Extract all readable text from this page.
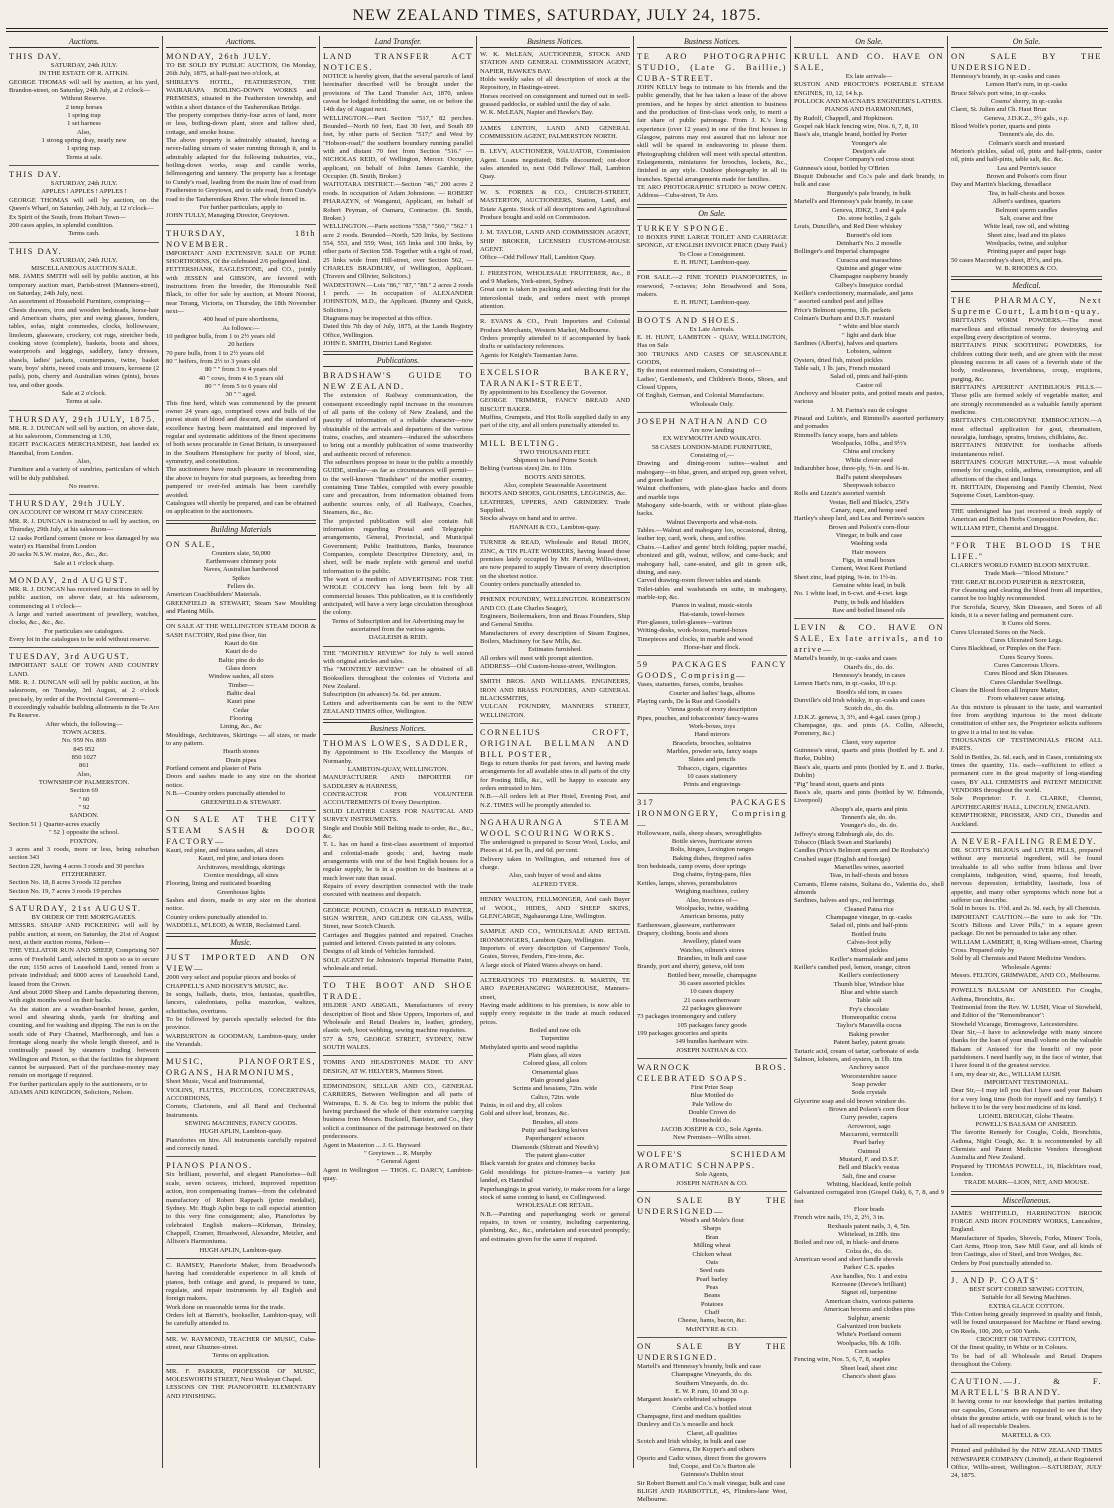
NEW ZEALAND TIMES, SATURDAY, JULY 24, 1875.
Auctions.

THIS DAY.

SATURDAY, 24th JULY.

IN THE ESTATE OF R. AITKIN.

GEORGE THOMAS will sell by auction, at his yard, Brandon-street, on Saturday, 24th July, at 2 o'clock—

Without Reserve.

2 temp horses

1 spring trap

1 set harness

Also,

1 strong spring dray, nearly new

1 spring trap.

Terms at sale.

THIS DAY.

SATURDAY, 24th JULY.

APPLES ! APPLES ! APPLES !

GEORGE THOMAS will sell by auction, on the Queen's Wharf, on Saturday, 24th July, at 12 o'clock—

Ex Spirit of the South, from Hobart Town—

200 cases apples, in splendid condition.

Terms cash.

THIS DAY.

SATURDAY, 24th JULY.

MISCELLANEOUS AUCTION SALE.

MR. JAMES SMITH will sell by public auction, at his temporary auction mart, Parish-street (Manners-street), on Saturday, 24th July, next.

An assortment of Household Furniture, comprising—

Chests drawers, iron and wooden bedsteads, horse-hair and American chairs, pier and swing glasses, fenders, tables, sofas, night commodes, clocks, hollowware, linoleum, glassware, crockery, cot rugs, stretcher beds, cooking stove (complete), baskets, boots and shoes, waterproofs and leggings, saddlery, fancy dresses, shawls, ladies' jackets, counterpanes, twine, basket ware, boys' shirts, tweed coats and trousers, kerosene (2 pails), pots, cherry and Australian wines (pints), boxes tea, and other goods.

Sale at 2 o'clock.

Terms at sale.

THURSDAY, 29th JULY, 1875.

MR. R. J. DUNCAN will sell by auction, on above date, at his salesroom, Commencing at 1.30,

EIGHT PACKAGES MERCHANDISE, Just landed ex Hannibal, from London.

Also,

Furniture and a variety of sundries, particulars of which will be duly published.

No reserve.

THURSDAY, 29th JULY.

ON ACCOUNT OF WHOM IT MAY CONCERN.

MR. R. J. DUNCAN is instructed to sell by auction, on Thursday, 29th July, at his salesroom—

12 casks Portland cement (more or less damaged by sea water) ex Hannibal from London

20 sacks N.S.W. maize, &c., &c., &c.

Sale at 1 o'clock sharp.

MONDAY, 2nd AUGUST.

MR. R. J. DUNCAN has received instructions to sell by public auction, on above date, at his salesroom, commencing at 1 o'clock—

A large and varied assortment of jewellery, watches, clocks, &c., &c., &c.

For particulars see catalogues.

Every lot in the catalogues to be sold without reserve.

TUESDAY, 3rd AUGUST.

IMPORTANT SALE OF TOWN AND COUNTRY LAND.

MR. R. J. DUNCAN will sell by public auction, at his salesroom, on Tuesday, 3rd August, at 2 o'clock precisely, by order of the Provincial Government—

8 exceedingly valuable building allotments in the Te Aro Pa Reserve.

After which, the following—

TOWN ACRES.

No. 959 No. 869

845 952

850 1027

861

Also,

TOWNSHIP OF PALMERSTON.

Section 69

" 60

" 92

SANDON.

Section 51 } Quarter-acres exactly

" 52 } opposite the school.

FOXTON.

3 acres and 3 roods, more or less, being suburban section 343

Section 229, having 4 acres 3 roods and 30 perches

FITZHERBERT.

Section No. 18, 8 acres 3 roods 32 perches

Section No. 19, 7 acres 3 roods 19 perches

SATURDAY, 21st AUGUST.

BY ORDER OF THE MORTGAGEES.

MESSRS. SHARP AND PICKERING will sell by public auction, at noon, on Saturday, the 21st of August next, at their auction rooms, Nelson—

THE VELLATOR RUN AND SHEEP, Comprising 507 acres of Freehold Land, selected in spots so as to secure the run; 1150 acres of Leasehold Land, rented from a private individual; and 6000 acres of Leasehold Land, leased from the Crown.

And about 2000 Sheep and Lambs depasturing thereon, with eight months wool on their backs.

As the station are a weather-boarded house, garden, wool and shearing sheds, yards for drafting and counting, and for washing and dipping. The run is on the south side of Pury Channel, Marlborough, and has a frontage along nearly the whole length thereof, and is continually passed by steamers trading between Wellington and Picton, so that the facilities for shipment cannot be surpassed. Part of the purchase-money may remain on mortgage if required.

For further particulars apply to the auctioneers, or to

ADAMS AND KINGDON, Solicitors, Nelson.

Auctions.

MONDAY, 26th JULY.

TO BE SOLD BY PUBLIC AUCTION, On Monday, 26th July, 1875, at half-past two o'clock, at

SHIRLEY'S HOTEL, FEATHERSTON, THE WAIRARAPA BOILING-DOWN WORKS and PREMISES, situated in the Featherston township, and within a short distance of the Tauherenikau Bridge.

The property comprises thirty-four acres of land, more or less, boiling-down plant, store and tallow shed, cottage, and smoke house.

The above property is admirably situated, having a never-failing stream of water running through it, and is admirably adapted for the following industries, viz., boiling-down works, soap and candle works, fellmongering and tannery. The property has a frontage to Cundy's road, leading from the main line of road from Featherston to Greytown, and to side road, from Cundy's road to the Tauherenikau River. The whole fenced in.

For further particulars, apply to

JOHN TULLY, Managing Director, Greytown.

THURSDAY, 18th NOVEMBER.

IMPORTANT AND EXTENSIVE SALE OF PURE SHORTHORNS, Of the celebrated 2/6 pedigreed kind.

FETTERSHANK, EAGLESTONE, and CO., jointly with JESSEN and GIBSON, are favored with instructions from the breeder, the Honourable Neil Black, to offer for sale by auction, at Mount Noorat, near Terang, Victoria, on Thursday, the 18th November next—

400 head of pure shorthorns,

As follows:—

10 pedigree bulls, from 1 to 2½ years old

20 heifers

70 pure bulls, from 1 to 2½ years old

80 " heifers, from 2½ to 3 years old

80 " " from 3 to 4 years old

40 " cows, from 4 to 5 years old

80 " " from 5 to 6 years old

30 " " aged.

This fine herd, which was commenced by the present owner 24 years ago, comprised cows and bulls of the purest strain of blood and descent, and the standard of excellence having been maintained and improved by regular and systematic additions of the finest specimens of both sexes procurable in Great Britain, is unsurpassed in the Southern Hemisphere for purity of blood, size, symmetry, and constitution.

The auctioneers have much pleasure in recommending the above to buyers for stud purposes, as breeding from pampered or over-fed animals has been carefully avoided.

Catalogues will shortly be prepared, and can be obtained on application to the auctioneers.

Building Materials

ON SALE,

Counters slate, 50,000

Earthenware chimney pots

Naves, Australian hardwood

Spikes

Fellers do.

American Coachbuilders' Materials.

GREENFIELD & STEWART, Steam Saw Moulding and Planing Mills.

ON SALE AT THE WELLINGTON STEAM DOOR & SASH FACTORY, Red pine floor, 6in

Kauri do 6in

Kauri do do

Baltic pine do do

Glass doors

Window sashes, all sizes

Timber—

Baltic deal

Kauri pine

Cedar

Flooring

Lining, &c., &c

Mouldings, Architraves, Skirtings — all sizes, or made to any pattern.

Hearth stones

Drain pipes

Portland cement and plaster of Paris

Doors and sashes made to any size on the shortest notice.

N.B.—Country orders punctually attended to

GREENFIELD & STEWART.

ON SALE AT THE CITY STEAM SASH & DOOR FACTORY—

Kauri, red pine, and totara sashes, all sizes

Kauri, red pine, and totara doors

Architraves, mouldings, skirtings

Cornice mouldings, all sizes

Flooring, lining and rusticated boarding

Greenhouse lights

Sashes and doors, made to any size on the shortest notice.

Country orders punctually attended to.

WADDELL, M'LEOD, & WEIR, Reclaimed Land.

Music.

JUST IMPORTED AND ON VIEW—

2000 very select and popular pieces and books of

CHAPPELL'S AND BOOSEY'S MUSIC, &c.

In songs, ballads, duets, trios, fantasias, quadrilles, lancers, caledonians, polka mazurkas, waltzes, schottisches, overtures.

To be followed by parcels specially selected for this province.

WARBURTON & GOODMAN, Lambton-quay, under the Verandah.

MUSIC, PIANOFORTES, ORGANS, HARMONIUMS,

Sheet Music, Vocal and Instrumental,

VIOLINS, FLUTES, PICCOLOS, CONCERTINAS, ACCORDIONS,

Cornets, Clarionets, and all Band and Orchestral Instruments.

SEWING MACHINES, FANCY GOODS.

HUGH APLIN, Lambton-quay.

Pianofortes on hire. All instruments carefully repaired and correctly tuned.

PIANOS PIANOS.

Six brilliant, powerful, and elegant Pianofortes—full scale, seven octaves, trichord, improved repetition action, iron compensating frames—from the celebrated manufactory of Robert Rappach (prize medalist), Sydney. Mr. Hugh Aplin begs to call especial attention to this very fine consignment; also, Pianofortes by celebrated English makers—Kirkman, Brinsley, Chappell, Cramer, Broadwood, Alexandre, Metzler, and Allison's Harmoniums.

HUGH APLIN, Lambton-quay.

C. RAMSEY, Pianoforte Maker, from Broadwood's having had considerable experience in all kinds of pianos, both cottage and grand, is prepared to tune, regulate, and repair instruments by all English and foreign makers.

Work done on reasonable terms for the trade.

Orders left at Barrett's, bookseller, Lambton-quay, will be carefully attended to.

MR. W. RAYMOND, TEACHER OF MUSIC, Cuba-street, near Ghuznee-street.

Terms on application.

MR. F. PARKER, PROFESSOR OF MUSIC, MOLESWORTH STREET, Next Wesleyan Chapel.

LESSONS ON THE PIANOFORTE ELEMENTARY AND FINISHING.

Land Transfer.

LAND TRANSFER ACT NOTICES.

NOTICE is hereby given, that the several parcels of land hereinafter described will be brought under the provisions of The Land Transfer Act, 1870, unless caveat be lodged forbidding the same, on or before the 14th day of August next.

WELLINGTON.—Part Section "517," 82 perches. Bounded—North 60 feet, East 30 feet, and South 89 feet, by other parts of Section "517;" and West by "Hobson-road;" the southern boundary running parallel with and distant 70 feet from Section "516." — NICHOLAS REID, of Wellington, Mercer. Occupier, applicant, on behalf of John James Gamble, the Occupier. (B. Smith, Broker.)

WAITOTARA DISTRICT.—Section "46," 200 acres 2 roods. In occupation of Adam Johnstone. — ROBERT PHARAZYN, of Wanganui, Applicant, on behalf of Robert Peyman, of Oamaru, Contractor. (B. Smith, Broker.)

WELLINGTON.—Parts sections "558," "560," "562." 1 acre 2 roods. Bounded—North, 520 links, by Sections 554, 553, and 559; West, 165 links and 100 links, by other parts of Section 558. Together with a right of road, 25 links wide from Hill-street, over Section 562, — CHARLES BRADBURY, of Wellington, Applicant. (Travers and Ollivier, Solicitors.)

WADESTOWN.—Lots "86," "87," "88." 2 acres 2 roods 1 perch. — In occupation of ALEXANDER JOHNSTON, M.D., the Applicant. (Bunny and Quick, Solicitors.)

Diagrams may be inspected at this office.

Dated this 7th day of July, 1875, at the Lands Registry Office, Wellington.

JOHN E. SMITH, District Land Register.

Publications.

BRADSHAW'S GUIDE TO NEW ZEALAND.

The extension of Railway communication, the consequent exceedingly rapid increase in the resources of all parts of the colony of New Zealand, and the paucity of information of a reliable character—now obtainable of the arrivals and departures of the various trains, coaches, and steamers—induced the subscribers to bring out a monthly publication of some trustworthy and authentic record of reference.

The subscribers propose to issue to the public a monthly GUIDE, similar—as far as circumstances will permit—to the well-known "Bradshaw" of the mother country, containing Time Tables, compiled with every possible care and precaution, from information obtained from authentic sources only, of all Railways, Coaches, Steamers, &c., &c.

The projected publication will also contain full information regarding Postal and Telegraphic arrangements, General, Provincial, and Municipal Government; Public Institutions, Banks, Insurance Companies, complete Descriptive Directory, and, in short, will be made replete with general and useful information to the public.

The want of a medium of ADVERTISING FOR THE WHOLE COLONY has long been felt by all commercial houses. This publication, as it is confidently anticipated, will have a very large circulation throughout the colony.

Terms of Subscription and for Advertising may be ascertained from the various agents.

DAGLEISH & REID.

THE "MONTHLY REVIEW" for July is well stored with original articles and tales.

The "MONTHLY REVIEW" can be obtained of all Booksellers throughout the colonies of Victoria and New Zealand.

Subscription (in advance) 5s. 6d. per annum.

Letters and advertisements can be sent to the NEW ZEALAND TIMES office, Wellington.

Business Notices.

THOMAS LOWES, SADDLER,

By Appointment to His Excellency the Marquis of Normanby.

LAMBTON-QUAY, WELLINGTON.

MANUFACTURER AND IMPORTER OF SADDLERY & HARNESS,

CONTRACTOR FOR VOLUNTEER ACCOUTREMENTS Of Every Description.

SOLID LEATHER CASES FOR NAUTICAL AND SURVEY INSTRUMENTS.

Single and Double Mill Belting made to order, &c., &c., &c.

T. L. has on hand a first-class assortment of imported and colonial-made goods; and, having made arrangements with one of the best English houses for a regular supply, he is in a position to do business at a much lower rate than usual.

Repairs of every description connected with the trade executed with neatness and despatch.

GEORGE POUND, COACH & HERALD PAINTER, SIGN WRITER, AND GILDER ON GLASS, Willis Street, near Scotch Church.

Carriages and Buggies painted and repaired. Coaches painted and lettered. Crests painted in any colours.

Designs of all kinds of Vehicles furnished.

SOLE AGENT for Johnston's Imperial Hematite Paint, wholesale and retail.

TO THE BOOT AND SHOE TRADE.

HILDER AND ABIGAIL, Manufacturers of every description of Boot and Shoe Uppers, Importers of, and Wholesale and Retail Dealers in, leather, grindery, elastic web, boot webbing, sewing machine requisites.

577 & 579, GEORGE STREET, SYDNEY, NEW SOUTH WALES.

TOMBS AND HEADSTONES MADE TO ANY DESIGN, AT W. HELYER'S, Manners Street.

EDMONDSON, SELLAR AND CO., GENERAL CARRIERS, Between Wellington and all parts of Wairarapa, E. S. & Co. beg to inform the public that having purchased the whole of their extensive carrying business from Messrs. Bucknell, Banister, and Co., they solicit a continuance of the patronage bestowed on their predecessors.

Agent in Masterton ... J. G. Hayward

" Greytown ... R. Murphy

" General Agent

Agent in Wellington — THOS. C. DARCY, Lambton-quay.

Business Notices.

W. K. McLEAN, AUCTIONEER, STOCK AND STATION AND GENERAL COMMISSION AGENT, NAPIER, HAWKE'S BAY.

Holds weekly sales of all description of stock at the Repository, in Hastings-street.

Horses received on consignment and turned out in well-grassed paddocks, or stabled until the day of sale.

W. K. McLEAN, Napier and Hawke's Bay.

JAMES LINTON, LAND AND GENERAL COMMISSION AGENT, PALMERSTON NORTH.

B. LEVY, AUCTIONEER, VALUATOR, Commission Agent. Loans negotiated; Bills discounted; out-door sales attended to, next Odd Fellows' Hall, Lambton Quay.

W. S. FORBES & CO., CHURCH-STREET, MASTERTON, AUCTIONEERS, Station, Land, and Estate Agents. Stock of all descriptions and Agricultural Produce bought and sold on Commission.

J. M. TAYLOR, LAND AND COMMISSION AGENT, SHIP BROKER, LICENSED CUSTOM-HOUSE AGENT.

Office—Odd Fellows' Hall, Lambton Quay.

J. FREESTON, WHOLESALE FRUITERER, &c., 8 and 9 Markets, York-street, Sydney.

Great care is taken in packing and selecting fruit for the intercolonial trade, and orders meet with prompt attention.

R. EVANS & CO., Fruit Importers and Colonial Produce Merchants, Western Market, Melbourne.

Orders promptly attended to if accompanied by bank drafts or satisfactory references.

Agents for Knight's Tasmanian Jams.

EXCELSIOR BAKERY, TARANAKI-STREET.

By appointment to his Excellency the Governor.

GEORGE TRIMMER, FANCY BREAD AND BISCUIT BAKER.

Muffins, Crumpets, and Hot Rolls supplied daily to any part of the city, and all orders punctually attended to.

MILL BELTING.

TWO THOUSAND FEET.

Shipment to hand Prime Scotch

Belting (various sizes) 2in. to 11in.

BOOTS AND SHOES.

Also, complete Seasonable Assortment

BOOTS AND SHOES, GOLOSHES, LEGGINGS, &c.

LEATHERS, UPPERS, AND GRINDERY. Trade Supplied.

Stocks always on hand and to arrive.

HANNAH & CO., Lambton-quay.

TURNER & READ, Wholesale and Retail IRON, ZINC, & TIN PLATE WORKERS, having leased those premises lately occupied by Mr. Parrish, Willis-street, are now prepared to supply Tinware of every description on the shortest notice.

Country orders punctually attended to.

PHŒNIX FOUNDRY, WELLINGTON. ROBERTSON AND CO. (Late Charles Seager),

Engineers, Boilermakers, Iron and Brass Founders, Ship and General Smiths.

Manufacturers of every description of Steam Engines, Boilers, Machinery for Saw Mills, &c.

Estimates furnished.

All orders will meet with prompt attention.

ADDRESS—Old Custom-house-street, Wellington.

SMITH BROS. AND WILLIAMS. ENGINEERS, IRON AND BRASS FOUNDERS, AND GENERAL BLACKSMITHS,

VULCAN FOUNDRY, MANNERS STREET, WELLINGTON.

CORNELIUS CROFT, ORIGINAL BELLMAN AND BILL POSTER,

Begs to return thanks for past favors, and having made arrangements for all available sites in all parts of the city for Posting Bills, &c., will be happy to execute any orders entrusted to him.

N.B.—All orders left at Pier Hotel, Evening Post, and N.Z. TIMES will be promptly attended to.

NGAHAURANGA STEAM WOOL SCOURING WORKS.

The undersigned is prepared to Scour Wool, Locks, and Pieces at 1d. per lb., and 6d. per cent.

Delivery taken in Wellington, and returned free of charge.

Also, cash buyer of wool and skins

ALFRED TYER.

HENRY WALTON, FELLMONGER, And cash Buyer of WOOL, HIDES, AND SHEEP SKINS, GLENCARGE, Ngahauranga Line, Wellington.

SAMPLE AND CO., WHOLESALE AND RETAIL IRONMONGERS, Lambton Quay, Wellington.

Importers of every description of Carpenters' Tools, Grates, Stoves, Fenders, Fire-irons, &c.

A large stock of Plated Wares always on hand.

ALTERATIONS TO PREMISES. R. MARTIN, TE ARO PAPERHANGING WAREHOUSE, Manners-street,

Having made additions to his premises, is now able to supply every requisite in the trade at much reduced prices.

Boiled and raw oils

Turpentine

Methylated spirits and wood naphtha

Plain glass, all sizes

Colored glass, all colors

Ornamental glass

Plain ground glass

Scrims and hessians, 72in. wide

Calico, 72in. wide

Paints, in oil and dry, all colors

Gold and silver leaf, bronzes, &c.

Brushes, all sizes

Putty and backing knives

Paperhangers' scissors

Diamonds (Shirratt and Newth's)

The patent glass-cutter

Black varnish for grates and chimney backs

Gold mouldings for picture-frames—a variety just landed, ex Hannibal

Paperhangings in great variety, to make room for a large stock of same coming to hand, ex Collingwood.

WHOLESALE OR RETAIL.

N.B.—Painting and paperhanging work or general repairs, in town or country, including carpentering, plumbing, &c., &c., undertaken and executed promptly; and estimates given for the same if required.

Business Notices.

TE ARO PHOTOGRAPHIC STUDIO, (Late G. Baillie,) CUBA-STREET.

JOHN KELLY begs to intimate to his friends and the public generally, that he has taken a lease of the above premises, and he hopes by strict attention to business and the production of first-class work only, to merit a fair share of public patronage. From J. K.'s long experience (over 12 years) in one of the first houses in Glasgow, patrons may rest assured that no labour nor skill will be spared in endeavoring to please them. Photographing children will meet with special attention. Enlargements, miniatures for brooches, lockets, &c., finished in any style. Outdoor photography in all its branches. Special arrangements made for families.

TE ARO PHOTOGRAPHIC STUDIO is NOW OPEN. Address—Cuba-street, Te Aro.

On Sale.

TURKEY SPONGE.

10 BOXES FINE LARGE TOILET AND CARRIAGE SPONGE, AT ENGLISH INVOICE PRICE (Duty Paid.)

To Close a Consignment.

E. H. HUNT, Lambton-quay.

FOR SALE.—2 FINE TONED PIANOFORTES, in rosewood, 7-octaves; John Broadwood and Sons, makers.

E. H. HUNT, Lambton-quay.

BOOTS AND SHOES.

Ex Late Arrivals.

E. H. HUNT, LAMBTON - QUAY, WELLINGTON, Has on Sale

300 TRUNKS AND CASES OF SEASONABLE GOODS,

By the most esteemed makers, Consisting of—

Ladies', Gentlemen's, and Children's Boots, Shoes, and Closed Uppers,

Of English, German, and Colonial Manufacture.

Wholesale Only.

JOSEPH NATHAN AND CO

Are now landing

EX WEYMOUTH AND WAIKATO.

58 CASES LONDON-MADE FURNITURE,

Consisting of,—

Drawing and dining-room suites—walnut and mahogany—in blue, green, and striped rep, green velvet, and green leather

Walnut cheffoniers, with plate-glass backs and doors and marble tops

Mahogany side-boards, with or without plate-glass backs.

Walnut Davenports and what-nots.

Tables.—Walnut and mahogany loo, occasional, dining, leather top, card, work, chess, and coffee.

Chairs.—Ladies' and gents' birch folding, papier maché, ebonized and gilt, walnut, willow, and cane-back; and mahogany hall, cane-seated, and gilt in green silk, dining, and easy.

Carved drawing-room flower tables and stands

Toilet-tables and washstands en suite, in mahogany, marble-top, &c.

Pianos in walnut, music-stools

Hat-stands, towel-horses

Pier-glasses, toilet-glasses—various

Writing-desks, work-boxes, mantel-boxes

Timepieces and clocks, in marble and wood

Horse-hair and flock.

59 PACKAGES FANCY GOODS, Comprising—

Vases, statuettes, furses, combs, brushes

Courier and ladies' bags, albums

Playing cards, De la Rue and Goodall's

Vienna goods of every description

Pipes, pouches, and tobacconists' fancy-wares

Work-boxes, toys

Hand mirrors

Bracelets, brooches, solitaires

Marbles, powder sets, fancy soaps

Slates and pencils

Tobacco, cigars, cigarettes

10 cases stationery

Prints and engravings

317 PACKAGES IRONMONGERY, Comprising—

Hollowware, nails, sheep shears, wroughtlights

Bottle sieves, hurricane stoves

Bolts, hinges, Lexington ranges

Baking dishes, fireproof safes

Iron bedsteads, camp ovens, door springs

Dog chains, frying-pans, files

Kettles, lamps, shoves, perambulators

Weighing machines, cutlery

Also, Invoices of—

Woolpacks, twine, wadding

American brooms, putty

Earthenware, glassware, earthenware

Drapery, clothing, boots and shoes

Jewellery, plated ware

Watches, oilmen's stores

Brandies, in bulk and case

Brandy, port and sherry, geneva, old tom

Bottled beer, moselle, champagne

36 cases assorted pickles

10 cases drapery

21 cases earthenware

22 packages glassware

73 packages ironmongery and cutlery

105 packages fancy goods

199 packages groceries and spirits

149 bundles hardware wire.

JOSEPH NATHAN & CO.

WARNOCK BROS. CELEBRATED SOAPS.

First Prize Soap

Blue Mottled do

Pale Yellow do

Double Crown do

Household do.

JACOB JOSEPH & CO., Sole Agents.

New Premises—Willis street.

WOLFE'S SCHIEDAM AROMATIC SCHNAPPS.

Sole Agents,

JOSEPH NATHAN & CO.

ON SALE BY THE UNDERSIGNED—

Wood's and Mole's flour

Sharps

Bran

Milling wheat

Chicken wheat

Oats

Seed oats

Pearl barley

Peas

Beans

Potatoes

Chaff

Cheese, hams, bacon, &c.

McINTYRE & CO.

ON SALE BY THE UNDERSIGNED.

Martell's and Hennessy's brandy, bulk and case

Champagne Vineyards, do. do.

Southern Vineyards, do. do.

E. W. P. rum, 10 and 30 o.p.

Margaret Jessie's celebrated schnapps

Combe and Co.'s bottled stout

Champagne, first and medium qualities

Dunlevy and Co.'s moselle and hock

Claret, all qualities

Scotch and Irish whisky, in bulk and case

Geneva, De Kuyper's and others

Oporto and Cadiz wines, direct from the growers

Ind, Coope, and Co.'s Burton ale

Guinness's Dublin stout

Sir Robert Burnett and Co.'s malt vinegar, bulk and case

BLIGH AND HARBOTTLE, 45, Flinders-lane West, Melbourne.

On Sale.

KRULL AND CO. HAVE ON SALE,

Ex late arrivals—

RUSTON AND PROCTOR'S PORTABLE STEAM ENGINES, 10, 12, 14 h.p.

POLLOCK AND MACNAB'S ENGINEER'S LATHES.

PIANOS AND HARMONIUMS,

By Rudolf, Chappell, and Hopkinson.

Gospel oak black fencing wire, Nos. 6, 7, 8, 10

Bass's ale, triangle brand, bottled by Porter

Younger's ale

Destjon's ale

Cooper Company's red cross stout

Guinness's stout, bottled by O'Brien

Bisquit Dubouche and Co.'s pale and dark brandy, in bulk and case

Burgundy's pale brandy, in bulk

Martell's and Hennessy's pale brandy, in case

Geneva, JDKZ, 3 and 4 gals

Do. stone bottles, 2 gals

Louis, Duncille's, and Red Deer whiskey

Burnett's old tom

Deinhart's No. 2 moselle

Bollinger's and Imperial champagne

Curacoa and maraschino

Quinine and ginger wine

Champagne raspberry brandy

Gilbey's limejuice cordial

Keiller's confectionery, marmalade, and jams

" assorted candied peel and jellies

Price's Belmont sperms, 1lb. packets

Colman's Durham and D.S.F. mustard

" white and blue starch

" light and dark blue

Sardines (Albert's), halves and quarters

Lobsters, salmon

Oysters, dried fish, mixed pickles

Table salt, 1 lb. jars, French mustard

Salad oil, pints and half-pints

Castor oil

Anchovy and bloater potts, and potted meats and pastes, various

J. M. Farina's eau de cologne

Pinaud and Lubin's, and Rimmell's assorted perfumery and pomades

Rimmell's fancy soaps, bars and tablets

Woolpacks, 10lbs., and 9½'s

China and crockery

White clover seed

Indiarubber hose, three-ply, ½-in. and ¾-in.

Ball's patent sheepshears

Sheepwash tobacco

Rolls and Lizzie's assorted varnish

Vestas, Bell and Black's, 250's

Canary, rape, and hemp seed

Hartley's sheep lard, and Lea and Perrins's sauces

Brown and Polson's corn-flour

Vinegar, in bulk and case

Washing soda

Hair mowers

Figs, in small boxes

Cement, West Kent Portland

Sheet zinc, lead piping, ⅜-in. to 1½-in.

Genuine white lead, in bulk

No. 1 white lead, in 6-cwt. and 4-cwt. kegs

Putty, in bulk and bladders

Raw and boiled linseed oils

LEVIN & CO. HAVE ON SALE, Ex late arrivals, and to arrive—

Martell's brandy, in qr.-casks and cases

Otard's do., do. do.

Hennessy's brandy, in cases

Lemon Hart's rum, in qr.-casks, 10 o.p.

Booth's old tom, in cases

Dunville's old Irish whisky, in qr.-casks and cases

Scotch do., do. do.

J.D.K.Z. geneva, 3, 3½, and 4-gal. cases (prop.)

Champagne, qts. and pints (A. Collin, Albrecht, Pommery, &c.)

Claret, very superior

Guinness's stout, quarts and pints (bottled by E. and J. Burke, Dublin)

Bass's ale, quarts and pints (bottled by E. and J. Burke, Dublin)

"Pig" brand stout, quarts and pints

Bass's ale, quarts and pints (bottled by W. Edmonds, Liverpool)

Alsopp's ale, quarts and pints

Tennent's ale, do. do.

Younger's do., do. do.

Jeffrey's strong Edinburgh ale, do. do.

Tobacco (Black Swan and Starlands)

Candles (Price's Belmont sperm and De Roubaix's)

Crushed sugar (English and foreign)

Marseilles wines, assorted

Teas, in half-chests and boxes

Currants, Eleme raisins, Sultana do., Valentia do., shell almonds

Sardines, halves and qrs., red herrings

Cleaned Patna rice

Champagne vinegar, in qr.-casks

Salad oil, pints and half-pints

Bottled fruits

Calves-foot jelly

Mixed pickles

Keiller's marmalade and jams

Keiller's candied peel, lemon, orange, citron

Keiller's confectionery

Thumb blue, Windsor blue

Blue and white starch

Table salt

Fry's chocolate

Homœopathic cocoa

Taylor's Maravilla cocoa

Baking powder

Patent barley, patent groats

Tartaric acid, cream of tartar, carbonate of soda

Salmon, lobsters, and oysters, in 1lb. tins

Anchovy sauce

Worcestershire sauce

Soap powder

Soda crystals

Glycerine soap and old brown windsor do.

Brown and Polson's corn flour

Curry powder, capers

Arrowroot, sago

Maccaroni, vermicelli

Pearl barley

Oatmeal

Mustard, F. and D.S.F.

Bell and Black's vestas

Salt, fine and coarse

Whiting, blacklead, knife polish

Galvanized corrugated iron (Gospel Oak), 6, 7, 8, and 9 feet

Floor brads

French wire nails, 1½, 2, 2½, 3 in.

Rexhauls patent nails, 3, 4, 5in.

Whitelead, in 28lb. tins

Boiled and raw oil, in black- and drums

Colza do., do. do.

American wood and short handle shovels

Parkes' C.S. spades

Axe handles, No. 1 and extra

Kerosene (Devoe's brilliant)

Signet oil, turpentine

American chairs, various patterns

American brooms and clothes pins

Sulphur, arsenic

Galvanized iron buckets

White's Portland cement

Woolpacks, 9lb. & 10lb.

Corn sacks

Fencing wire, Nos. 5, 6, 7, 8, staples

Sheet lead, sheet zinc

Chance's sheet glass

On Sale.

ON SALE BY THE UNDERSIGNED.

Hennessy's brandy, in qr.-casks and cases

Lemon Hart's rum, in qr.-casks

Bruce Silva's port wine, in qr.-casks

Cosens' sherry, in qr.-casks

Claret, St. Julien and Ch. Haut Brun

Geneva, J.D.K.Z., 3½ gals., o.p.

Blood Wolfe's porter, quarts and pints

Tennent's ale, do. do.

Colman's starch and mustard

Morton's pickles, salad oil, pints and half-pints, castor oil, pints and half-pints, table salt, &c. &c.

Lea and Perrin's sauce

Brown and Polson's corn flour

Day and Martin's blacking, threadlace

Tea, in half-chests and boxes

Albert's sardines, quarters

Belmont sperm candles

Salt, coarse and fine

White lead, raw oil, and whiting

Sheet zinc, lead and tin plates

Woolpacks, twine, and sulphur

Printing paper and paper bags

50 cases Macondray's sheet, 8½'s, and pts.

W. B. RHODES & CO.

Medical.

THE PHARMACY, Next Supreme Court, Lambton-quay.

BRITTAIN'S WORM POWDERS.—The most marvellous and effectual remedy for destroying and expelling every description of worms.

BRITTAIN'S PINK SOOTHING POWDERS, for children cutting their teeth, and are given with the most pleasing success in all cases of a feverish state of the body, restlessness, feverishness, croup, eruptions, purging, &c.

BRITTAIN'S APERIENT ANTIBILIOUS PILLS.—These pills are formed solely of vegetable matter, and are strongly recommended as a valuable family aperient medicine.

BRITTAIN'S CHLORODYNE EMBROCATION.—A most effectual application for gout, rheumatism, neuralgia, lumbago, sprains, bruises, chilblains, &c.

BRITTAIN'S NERVINE for toothache affords instantaneous relief.

BRITTAIN'S COUGH MIXTURE.—A most valuable remedy for coughs, colds, asthma, consumption, and all affections of the chest and lungs.

H. BRITTAIN, Dispensing and Family Chemist, Next Supreme Court, Lambton-quay.

THE undersigned has just received a fresh supply of American and British Herbs Composition Powders, &c.

WILLIAM FIFE, Chemist and Druggist.

"FOR THE BLOOD IS THE LIFE."

CLARKE'S WORLD FAMED BLOOD MIXTURE.

Trade Mark—"Blood Mixture."

THE GREAT BLOOD PURIFIER & RESTORER,

For cleansing and clearing the blood from all impurities, cannot be too highly recommended.

For Scrofula, Scurvy, Skin Diseases, and Sores of all kinds, it is a never failing and permanent cure.

It Cures old Sores.

Cures Ulcerated Sores on the Neck.

Cures Ulcerated Sore Legs.

Cures Blackhead, or Pimples on the Face.

Cures Scurvy Sores.

Cures Cancerous Ulcers.

Cures Blood and Skin Diseases.

Cures Glandular Swellings.

Clears the Blood from all Impure Matter,

From whatever cause arising.

As this mixture is pleasant to the taste, and warranted free from anything injurious to the most delicate constitution of either sex, the Proprietor solicits sufferers to give it a trial to test its value.

THOUSANDS OF TESTIMONIALS FROM ALL PARTS.

Sold in Bottles, 2s. 6d. each, and in Cases, containing six times the quantity, 11s. each—sufficient to effect a permanent cure in the great majority of long-standing cases, BY ALL CHEMISTS and PATENT MEDICINE VENDORS throughout the world.

Sole Proprietor: F. J. CLARKE, Chemist, APOTHECARIES' HALL, LINCOLN, ENGLAND.

KEMPTHORNE, PROSSER, AND CO., Dunedin and Auckland.

A NEVER-FAILING REMEDY.

DR. SCOTT'S BILIOUS and LIVER PILLS, prepared without any mercurial ingredient, will be found invaluable to all who suffer from bilious and liver complaints, indigestion, wind, spasms, foul breath, nervous depression, irritability, lassitude, loss of appetite, and many other symptoms which none but a sufferer can describe.

Sold in boxes 1s. 1½d. and 2s. 9d. each, by all Chemists.

IMPORTANT CAUTION.—Be sure to ask for "Dr. Scott's Bilious and Liver Pills," in a square green package. Do not be persuaded to take any other.

WILLIAM LAMBERT, 8, King William-street, Charing Cross. Prepared only by

Sold by all Chemists and Patent Medicine Vendors.

Wholesale Agents:

Messrs. FELTON, GRIMWADE, AND CO., Melbourne.

POWELL'S BALSAM OF ANISEED. For Coughs, Asthma, Bronchitis, &c.

Testimonial from the Rev. W. LUSH, Vicar of Stowheld, and Editor of the "Remembrancer":

Stowheld Vicarage, Bromsgrove, Leicestershire.

Dear Sir,—I have to acknowledge with many sincere thanks for the loan of your small volume on the valuable Balsam of Aniseed for the benefit of my poor parishioners. I need hardly say, in the face of winter, that I have found it of the greatest service.

I am, my dear sir, &c., WILLIAM LUSH.

IMPORTANT TESTIMONIAL.

Dear Sir,—I may tell you that I have used your Balsam for a very long time (both for myself and my family). I believe it to be the very best medicine of its kind.

LIONEL BROUGH, Globe Theatre.

POWELL'S BALSAM OF ANISEED.

The favorite Remedy for Coughs, Colds, Bronchitis, Asthma, Night Cough, &c. It is recommended by all Chemists and Patent Medicine Vendors throughout Australia and New Zealand.

Prepared by THOMAS POWELL, 16, Blackfriars road, London.

TRADE MARK—LION, NET, AND MOUSE.

Miscellaneous.

JAMES WHITFIELD, HARRINGTON BROOK FORGE AND IRON FOUNDRY WORKS, Lancashire, England.

Manufacturer of Spades, Shovels, Forks, Miners' Tools, Cart Arms, Hoop iron, Saw Mill Gear, and all kinds of Iron Castings, also of Steel, and Iron Wedges, &c.

Orders by Post punctually attended to.

J. AND P. COATS'

BEST SOFT CORED SEWING COTTON,

Suitable for all Sewing Machines.

EXTRA GLACE COTTON.

This Cotton being greatly improved in quality and finish, will be found unsurpassed for Machine or Hand sewing. On Reels, 100, 200, or 500 Yards.

CROCHET OR TATTING COTTON,

Of the finest quality, in White or in Colours.

To be had of all Wholesale and Retail Drapers throughout the Colony.

CAUTION.—J. & F. MARTELL'S BRANDY.

It having come to our knowledge that parties imitating our capsules, Consumers are requested to see that they obtain the genuine article, with our brand, which is to be had of all respectable Dealers.

MARTELL & CO.

Printed and published by the NEW ZEALAND TIMES NEWSPAPER COMPANY (Limited), at their Registered Office, Willis-street, Wellington.—SATURDAY, JULY 24, 1875.
